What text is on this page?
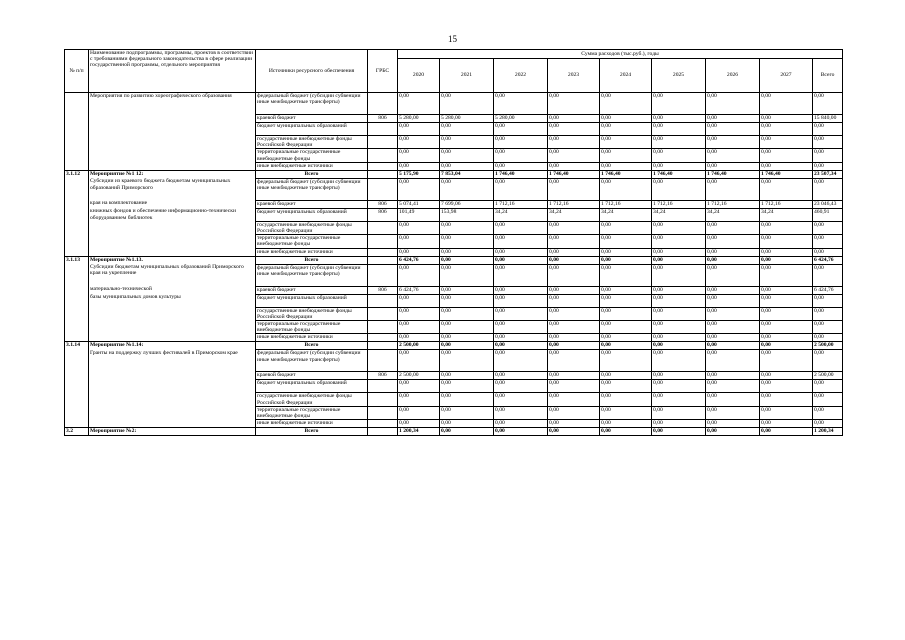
15
№ п/п	Наименование подпрограммы, программы, проектов в соответствии с требованиями федерального законодательства в сфере реализации государственной программы, отдельного мероприятия	Источники ресурсного обеспечения	ГРБС	Сумма расходов (тыс.руб.), годы								
				2020	2021	2022	2023	2024	2025	2026	2027	Всего
	Мероприятия по развитию хореографического образования	федеральный бюджет (субсидии субвенции иные межбюджетные трансферты)		0,00	0,00	0,00	0,00	0,00	0,00	0,00	0,00	0,00
		краевой бюджет	806	5 280,00	5 280,00	5 280,00	0,00	0,00	0,00	0,00	0,00	15 840,00
		бюджет муниципальных образований		0,00	0,00	0,00	0,00	0,00	0,00	0,00	0,00	0,00
		государственные внебюджетные фонды Российской Федерации		0,00	0,00	0,00	0,00	0,00	0,00	0,00	0,00	0,00
		территориальные государственные внебюджетные фонды		0,00	0,00	0,00	0,00	0,00	0,00	0,00	0,00	0,00
		иные внебюджетные источники		0,00	0,00	0,00	0,00	0,00	0,00	0,00	0,00	0,00
3.1.12	Мероприятие №1 12:	Всего		5 175,90	7 853,04	1 746,40	1 746,40	1 746,40	1 746,40	1 746,40	1 746,40	23 507,34
	Субсидии из краевого бюджета бюджетам муниципальных образований Приморского	федеральный бюджет (субсидии субвенции иные межбюджетные трансферты)		0,00	0,00	0,00	0,00	0,00	0,00	0,00	0,00	0,00
	края на комплектование	краевой бюджет	806	5 074,41	7 699,06	1 712,16	1 712,16	1 712,16	1 712,16	1 712,16	1 712,16	23 046,43
	книжных фондов и обеспечение информационно-технически оборудованием библиотек	бюджет муниципальных образований	806	101,49	153,98	34,24	34,24	34,24	34,24	34,24	34,24	460,91
		государственные внебюджетные фонды Российской Федерации		0,00	0,00	0,00	0,00	0,00	0,00	0,00	0,00	0,00
		территориальные государственные внебюджетные фонды		0,00	0,00	0,00	0,00	0,00	0,00	0,00	0,00	0,00
		иные внебюджетные источники		0,00	0,00	0,00	0,00	0,00	0,00	0,00	0,00	0,00
3.1.13	Мероприятие №1.13.	Всего		6 424,76	0,00	0,00	0,00	0,00	0,00	0,00	0,00	6 424,76
	Субсидии бюджетам муниципальных образований Приморского края на укрепление	федеральный бюджет (субсидии субвенции иные межбюджетные трансферты)		0,00	0,00	0,00	0,00	0,00	0,00	0,00	0,00	0,00
	материально-технической	краевой бюджет	806	6 424,76	0,00	0,00	0,00	0,00	0,00	0,00	0,00	6 424,76
	базы муниципальных домов культуры	бюджет муниципальных образований		0,00	0,00	0,00	0,00	0,00	0,00	0,00	0,00	0,00
		государственные внебюджетные фонды Российской Федерации		0,00	0,00	0,00	0,00	0,00	0,00	0,00	0,00	0,00
		территориальные государственные внебюджетные фонды		0,00	0,00	0,00	0,00	0,00	0,00	0,00	0,00	0,00
		иные внебюджетные источники		0,00	0,00	0,00	0,00	0,00	0,00	0,00	0,00	0,00
3.1.14	Мероприятие №1.14:	Всего		2 500,00	0,00	0,00	0,00	0,00	0,00	0,00	0,00	2 500,00
	Гранты на поддержку лучших фестивалей в Приморском крае	федеральный бюджет (субсидии субвенции иные межбюджетные трансферты)		0,00	0,00	0,00	0,00	0,00	0,00	0,00	0,00	0,00
		краевой бюджет	806	2 500,00	0,00	0,00	0,00	0,00	0,00	0,00	0,00	2 500,00
		бюджет муниципальных образований		0,00	0,00	0,00	0,00	0,00	0,00	0,00	0,00	0,00
		государственные внебюджетные фонды Российской Федерации		0,00	0,00	0,00	0,00	0,00	0,00	0,00	0,00	0,00
		территориальные государственные внебюджетные фонды		0,00	0,00	0,00	0,00	0,00	0,00	0,00	0,00	0,00
		иные внебюджетные источники		0,00	0,00	0,00	0,00	0,00	0,00	0,00	0,00	0,00
3.2	Мероприятие №2:	Всего		1 200,34	0,00	0,00	0,00	0,00	0,00	0,00	0,00	1 200,34
